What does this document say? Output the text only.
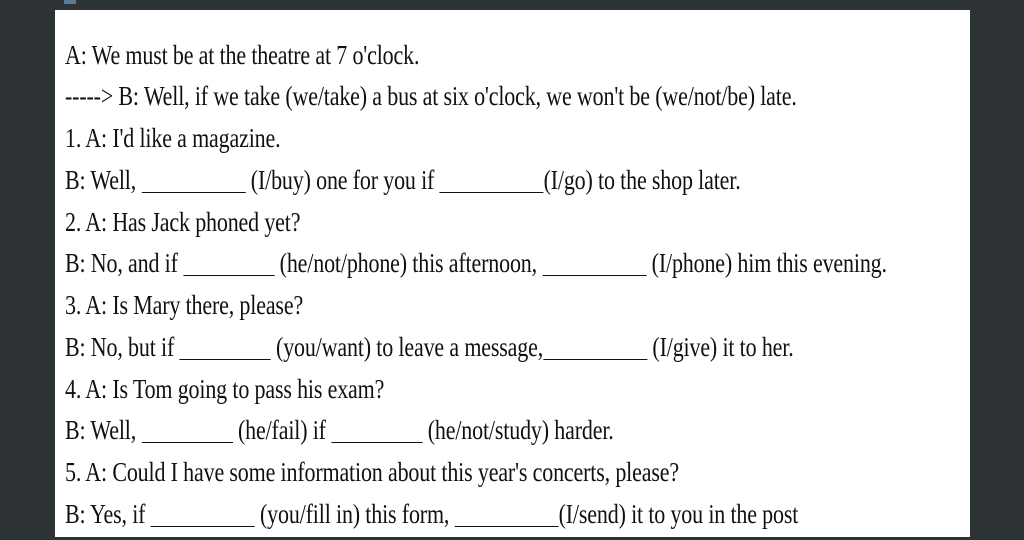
A: We must be at the theatre at 7 o'clock.
-----> B: Well, if we take (we/take) a bus at six o'clock, we won't be (we/not/be) late.
1. A: I'd like a magazine.
B: Well,	(I/buy) one for you if	(I/go) to the shop later.
2. A: Has Jack phoned yet?
B: No, and if	(he/not/phone) this afternoon,	(I/phone) him this evening.
3. A: Is Mary there, please?
B: No, but if	(you/want) to leave a message,	(I/give) it to her.
4. A: Is Tom going to pass his exam?
B: Well,	(he/fail) if	(he/not/study) harder.
5. A: Could I have some information about this year's concerts, please?
B: Yes, if	(you/fill in) this form,	(I/send) it to you in the post
